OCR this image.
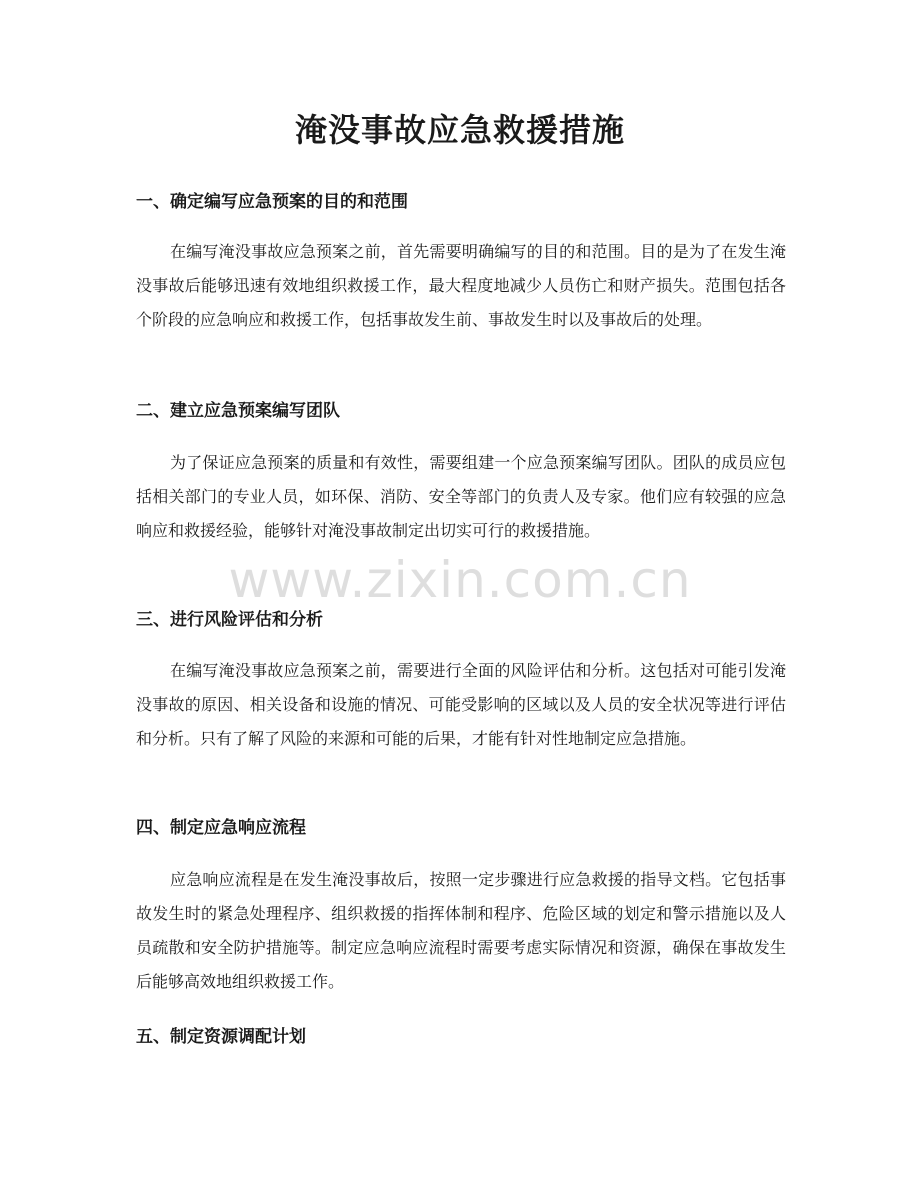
淹没事故应急救援措施
一、确定编写应急预案的目的和范围

在编写淹没事故应急预案之前，首先需要明确编写的目的和范围。目的是为了在发生淹没事故后能够迅速有效地组织救援工作，最大程度地减少人员伤亡和财产损失。范围包括各个阶段的应急响应和救援工作，包括事故发生前、事故发生时以及事故后的处理。

二、建立应急预案编写团队

为了保证应急预案的质量和有效性，需要组建一个应急预案编写团队。团队的成员应包括相关部门的专业人员，如环保、消防、安全等部门的负责人及专家。他们应有较强的应急响应和救援经验，能够针对淹没事故制定出切实可行的救援措施。

三、进行风险评估和分析

在编写淹没事故应急预案之前，需要进行全面的风险评估和分析。这包括对可能引发淹没事故的原因、相关设备和设施的情况、可能受影响的区域以及人员的安全状况等进行评估和分析。只有了解了风险的来源和可能的后果，才能有针对性地制定应急措施。

四、制定应急响应流程

应急响应流程是在发生淹没事故后，按照一定步骤进行应急救援的指导文档。它包括事故发生时的紧急处理程序、组织救援的指挥体制和程序、危险区域的划定和警示措施以及人员疏散和安全防护措施等。制定应急响应流程时需要考虑实际情况和资源，确保在事故发生后能够高效地组织救援工作。

五、制定资源调配计划
www.zixin.com.cn
